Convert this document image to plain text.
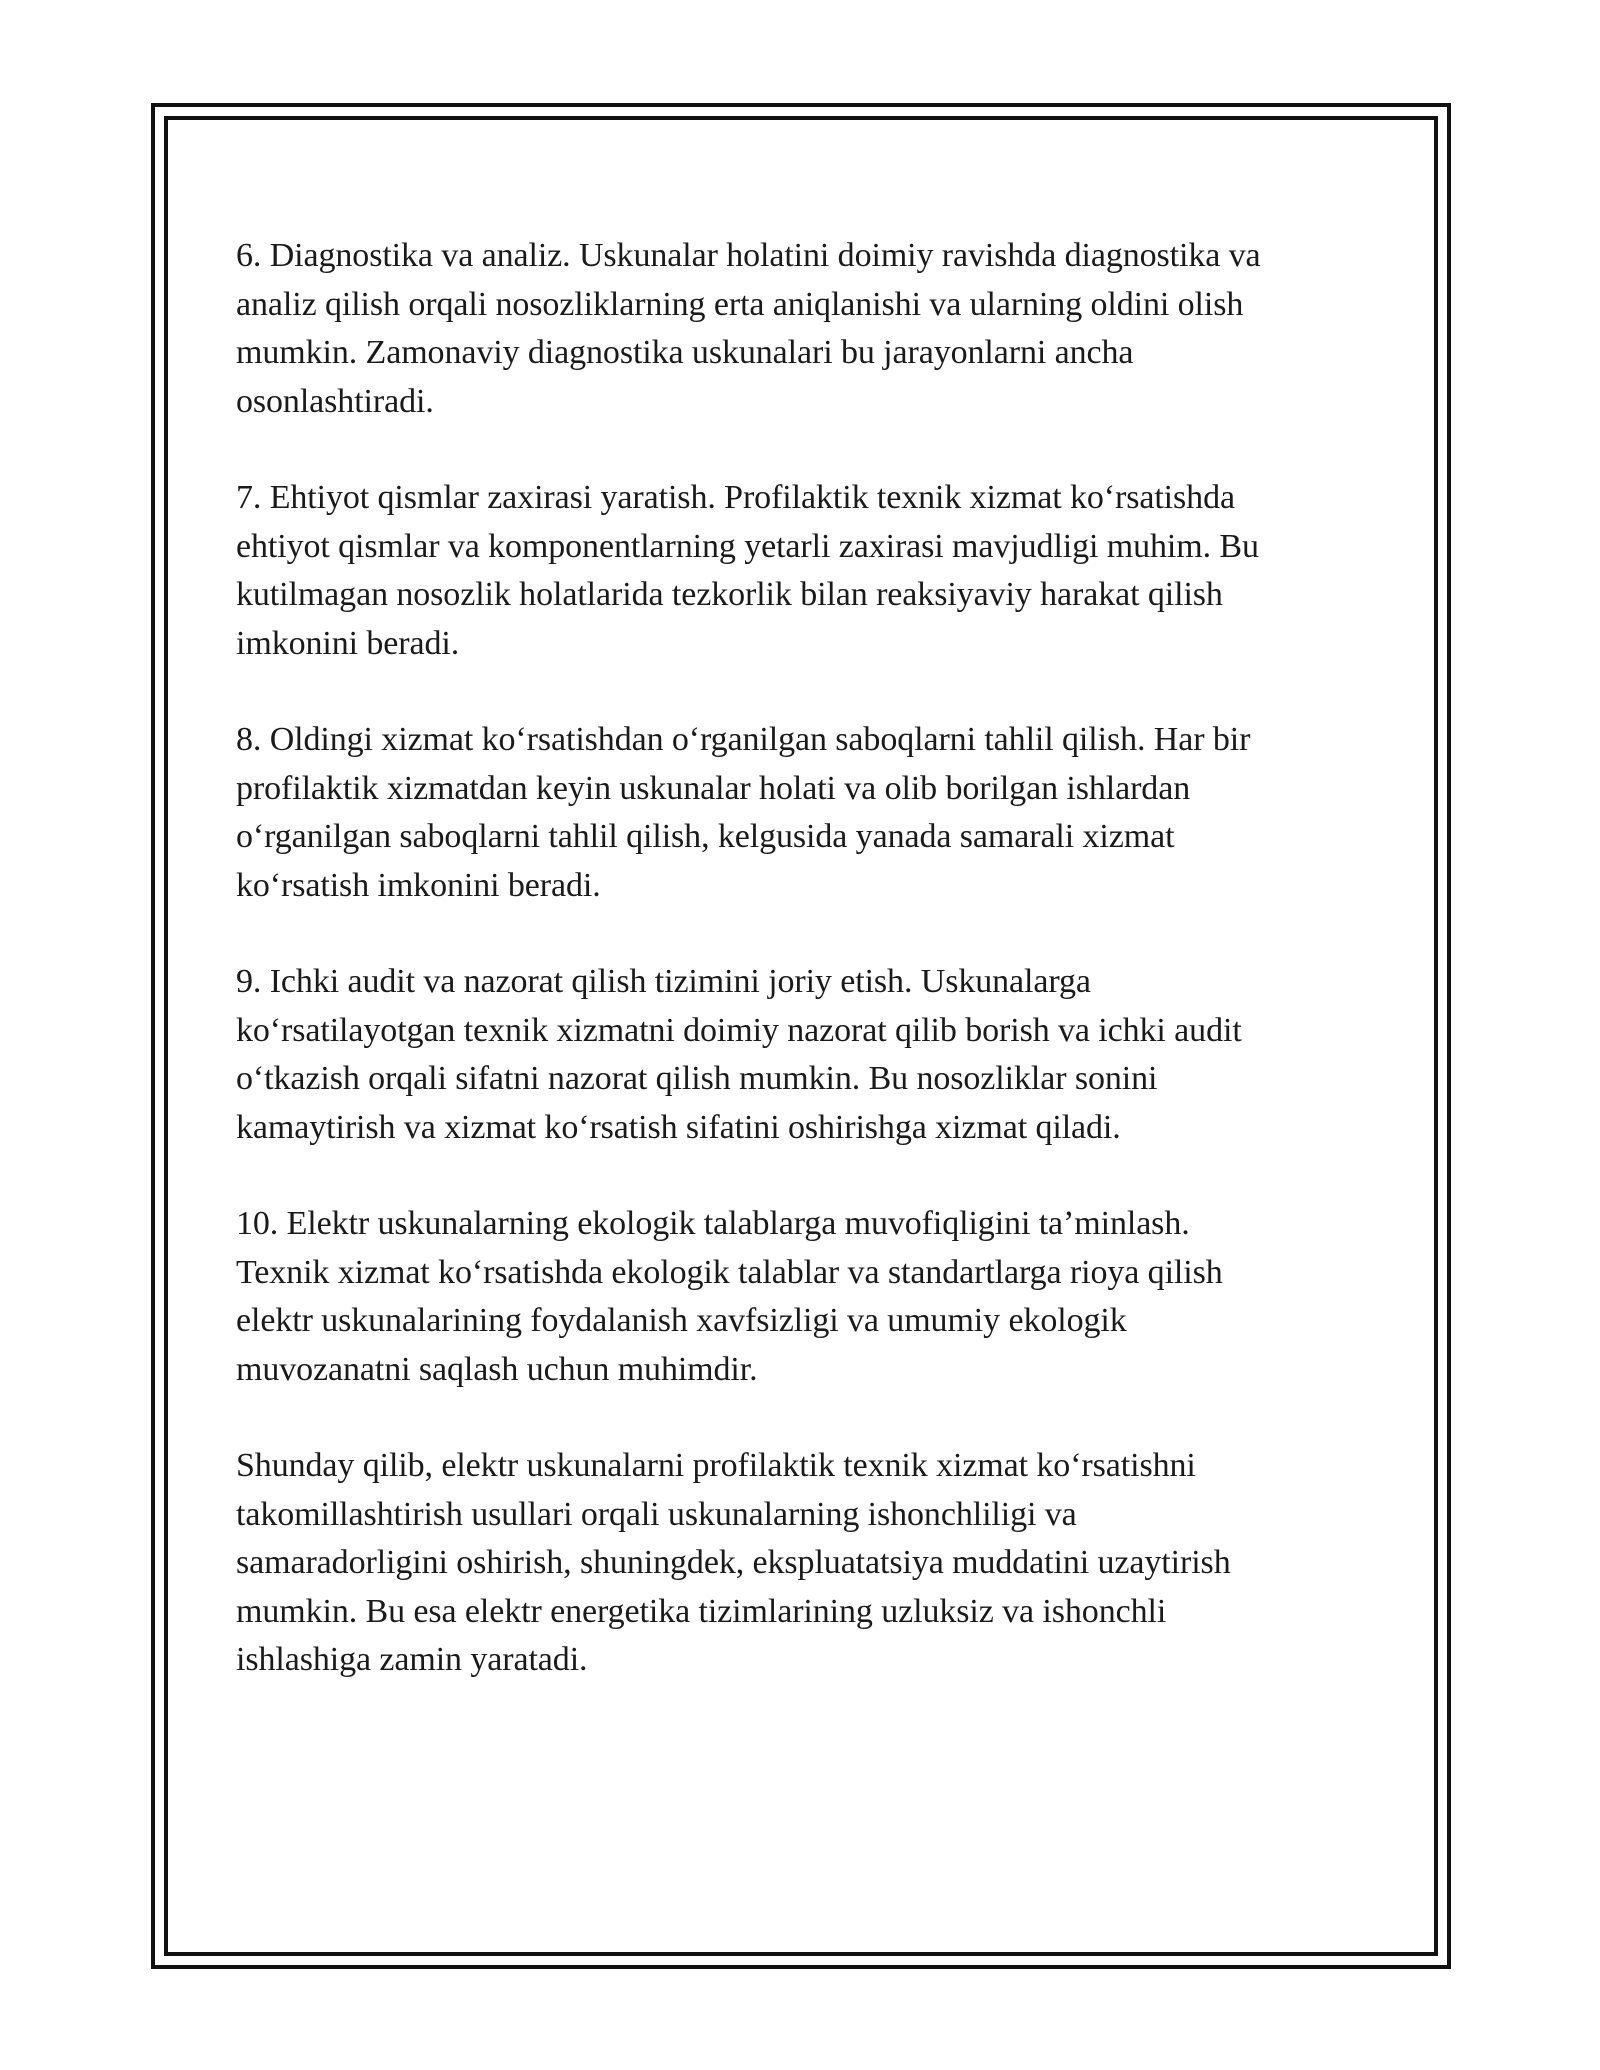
6. Diagnostika va analiz. Uskunalar holatini doimiy ravishda diagnostika va
analiz qilish orqali nosozliklarning erta aniqlanishi va ularning oldini olish
mumkin. Zamonaviy diagnostika uskunalari bu jarayonlarni ancha
osonlashtiradi.

7. Ehtiyot qismlar zaxirasi yaratish. Profilaktik texnik xizmat koʻrsatishda
ehtiyot qismlar va komponentlarning yetarli zaxirasi mavjudligi muhim. Bu
kutilmagan nosozlik holatlarida tezkorlik bilan reaksiyaviy harakat qilish
imkonini beradi.

8. Oldingi xizmat koʻrsatishdan oʻrganilgan saboqlarni tahlil qilish. Har bir
profilaktik xizmatdan keyin uskunalar holati va olib borilgan ishlardan
oʻrganilgan saboqlarni tahlil qilish, kelgusida yanada samarali xizmat
koʻrsatish imkonini beradi.

9. Ichki audit va nazorat qilish tizimini joriy etish. Uskunalarga
koʻrsatilayotgan texnik xizmatni doimiy nazorat qilib borish va ichki audit
oʻtkazish orqali sifatni nazorat qilish mumkin. Bu nosozliklar sonini
kamaytirish va xizmat koʻrsatish sifatini oshirishga xizmat qiladi.

10. Elektr uskunalarning ekologik talablarga muvofiqligini taʼminlash.
Texnik xizmat koʻrsatishda ekologik talablar va standartlarga rioya qilish
elektr uskunalarining foydalanish xavfsizligi va umumiy ekologik
muvozanatni saqlash uchun muhimdir.

Shunday qilib, elektr uskunalarni profilaktik texnik xizmat koʻrsatishni
takomillashtirish usullari orqali uskunalarning ishonchliligi va
samaradorligini oshirish, shuningdek, ekspluatatsiya muddatini uzaytirish
mumkin. Bu esa elektr energetika tizimlarining uzluksiz va ishonchli
ishlashiga zamin yaratadi.
